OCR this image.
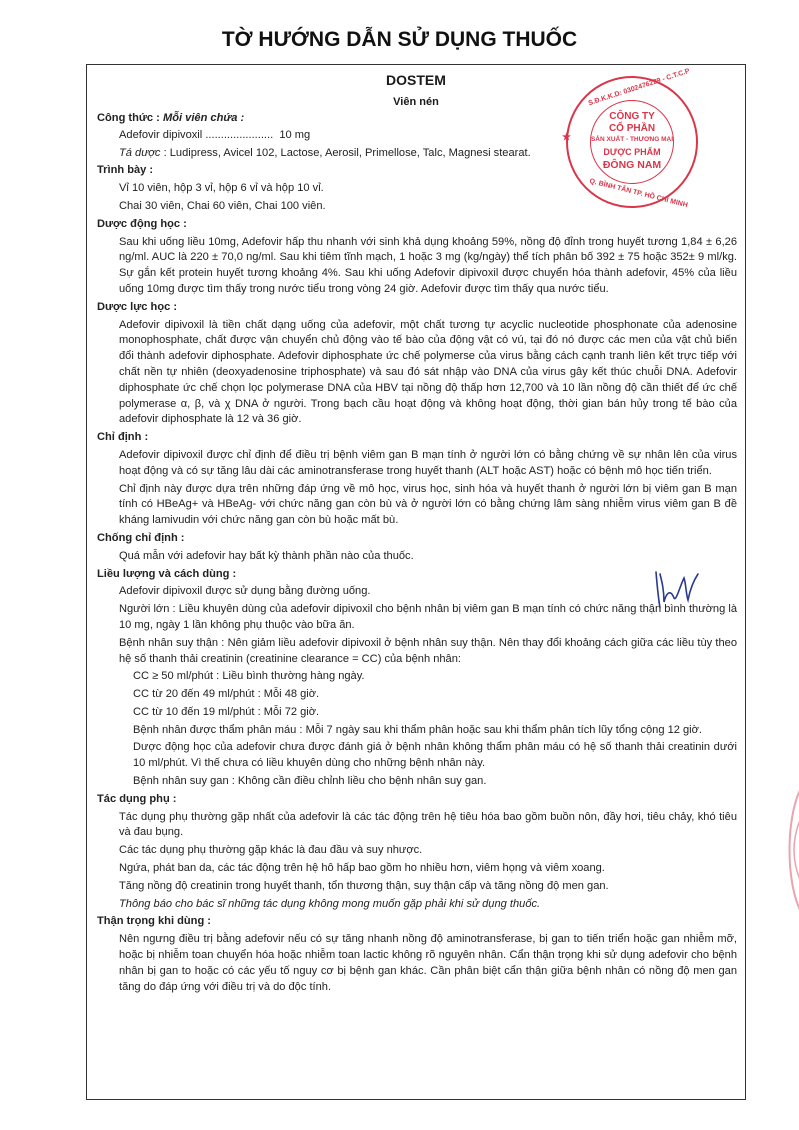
TỜ HƯỚNG DẪN SỬ DỤNG THUỐC
DOSTEM
Viên nén
Công thức : Mỗi viên chứa :
Adefovir dipivoxil
...................... 10 mg
Tá dược : Ludipress, Avicel 102, Lactose, Aerosil, Primellose, Talc, Magnesi stearat.
Trình bày :
Vỉ 10 viên, hộp 3 vỉ, hộp 6 vỉ và hộp 10 vỉ.
Chai 30 viên, Chai 60 viên, Chai 100 viên.
Dược động học :
Sau khi uống liều 10mg, Adefovir hấp thu nhanh với sinh khả dụng khoảng 59%, nồng độ đỉnh trong huyết tương 1,84 ± 6,26 ng/ml. AUC là 220 ± 70,0 ng/ml. Sau khi tiêm tĩnh mạch, 1 hoặc 3 mg (kg/ngày) thể tích phân bố 392 ± 75 hoặc 352± 9 ml/kg. Sự gắn kết protein huyết tương khoảng 4%. Sau khi uống Adefovir dipivoxil được chuyển hóa thành adefovir, 45% của liều uống 10mg được tìm thấy trong nước tiểu trong vòng 24 giờ. Adefovir được tìm thấy qua nước tiểu.
Dược lực học :
Adefovir dipivoxil là tiền chất dạng uống của adefovir, một chất tương tự acyclic nucleotide phosphonate của adenosine monophosphate, chất được vận chuyển chủ động vào tế bào của động vật có vú, tại đó nó được các men của vật chủ biến đổi thành adefovir diphosphate. Adefovir diphosphate ức chế polymerse của virus bằng cách cạnh tranh liên kết trực tiếp với chất nền tự nhiên (deoxyadenosine triphosphate) và sau đó sát nhập vào DNA của virus gây kết thúc chuỗi DNA. Adefovir diphosphate ức chế chọn lọc polymerase DNA của HBV tại nồng độ thấp hơn 12,700 và 10 lần nồng độ cần thiết để ức chế polymerase α, β, và χ DNA ở người. Trong bạch cầu hoạt động và không hoạt động, thời gian bán hủy trong tế bào của adefovir diphosphate là 12 và 36 giờ.
Chỉ định :
Adefovir dipivoxil được chỉ định để điều trị bệnh viêm gan B mạn tính ở người lớn có bằng chứng về sự nhân lên của virus hoạt động và có sự tăng lâu dài các aminotransferase trong huyết thanh (ALT hoặc AST) hoặc có bệnh mô học tiến triển.
Chỉ định này được dựa trên những đáp ứng về mô học, virus học, sinh hóa và huyết thanh ở người lớn bị viêm gan B mạn tính có HBeAg+ và HBeAg- với chức năng gan còn bù và ở người lớn có bằng chứng lâm sàng nhiễm virus viêm gan B đề kháng lamivudin với chức năng gan còn bù hoặc mất bù.
Chống chỉ định :
Quá mẫn với adefovir hay bất kỳ thành phần nào của thuốc.
Liều lượng và cách dùng :
Adefovir dipivoxil được sử dụng bằng đường uống.
Người lớn : Liều khuyên dùng của adefovir dipivoxil cho bệnh nhân bị viêm gan B mạn tính có chức năng thận bình thường là 10 mg, ngày 1 lần không phụ thuộc vào bữa ăn.
Bệnh nhân suy thận : Nên giảm liều adefovir dipivoxil ở bệnh nhân suy thận. Nên thay đổi khoảng cách giữa các liều tùy theo hệ số thanh thải creatinin (creatinine clearance = CC) của bệnh nhân:
CC ≥ 50 ml/phút : Liều bình thường hàng ngày.
CC từ 20 đến 49 ml/phút : Mỗi 48 giờ.
CC từ 10 đến 19 ml/phút : Mỗi 72 giờ.
Bệnh nhân được thẩm phân máu : Mỗi 7 ngày sau khi thẩm phân hoặc sau khi thẩm phân tích lũy tổng cộng 12 giờ.
Dược động học của adefovir chưa được đánh giá ở bệnh nhân không thẩm phân máu có hệ số thanh thải creatinin dưới 10 ml/phút. Vì thế chưa có liều khuyên dùng cho những bệnh nhân này.
Bệnh nhân suy gan : Không cần điều chỉnh liều cho bệnh nhân suy gan.
Tác dụng phụ :
Tác dụng phụ thường gặp nhất của adefovir là các tác động trên hệ tiêu hóa bao gồm buồn nôn, đầy hơi, tiêu chảy, khó tiêu và đau bụng.
Các tác dụng phụ thường gặp khác là đau đầu và suy nhược.
Ngứa, phát ban da, các tác động trên hệ hô hấp bao gồm ho nhiều hơn, viêm họng và viêm xoang.
Tăng nồng độ creatinin trong huyết thanh, tổn thương thận, suy thận cấp và tăng nồng độ men gan.
Thông báo cho bác sĩ những tác dụng không mong muốn gặp phải khi sử dụng thuốc.
Thận trọng khi dùng :
Nên ngưng điều trị bằng adefovir nếu có sự tăng nhanh nồng độ aminotransferase, bị gan to tiến triển hoặc gan nhiễm mỡ, hoặc bị nhiễm toan chuyển hóa hoặc nhiễm toan lactic không rõ nguyên nhân. Cẩn thận trọng khi sử dụng adefovir cho bệnh nhân bị gan to hoặc có các yếu tố nguy cơ bị bệnh gan khác. Cần phân biệt cẩn thận giữa bệnh nhân có nồng độ men gan tăng do đáp ứng với điều trị và do độc tính.
S.Đ.K.K.D: 0302476229 - C.T.C.P
CÔNG TY
CỔ PHẦN
SẢN XUẤT - THƯƠNG MẠI
DƯỢC PHẨM
ĐÔNG NAM
Q. BÌNH TÂN TP. HỒ CHÍ MINH
★
